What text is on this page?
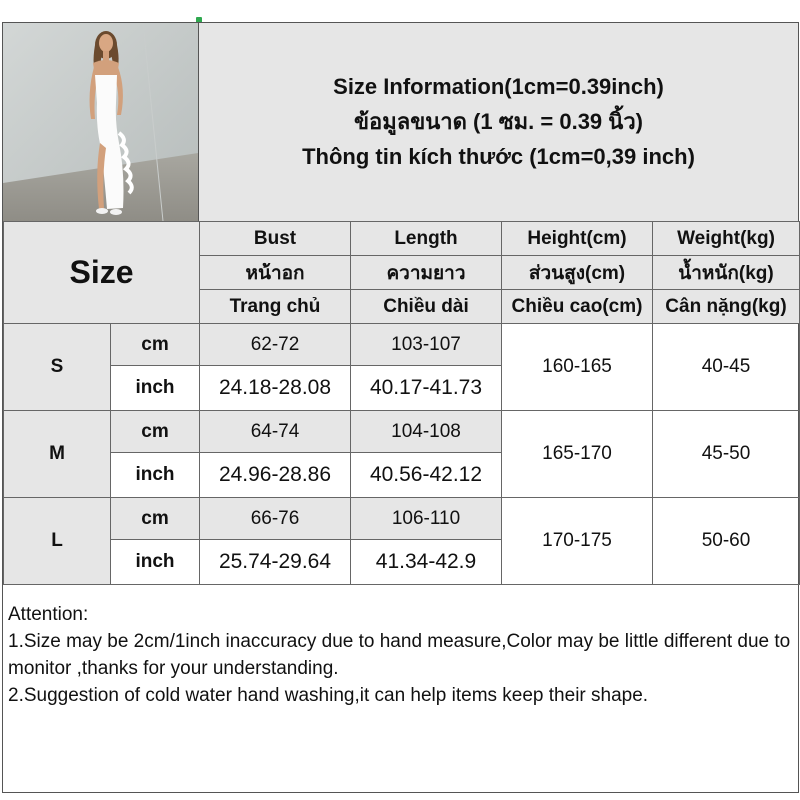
Size Information(1cm=0.39inch)
ข้อมูลขนาด (1 ซม. = 0.39 นิ้ว)
Thông tin kích thước (1cm=0,39 inch)
Size		Bust	Length	Height(cm)	Weight(kg)
		หน้าอก	ความยาว	ส่วนสูง(cm)	น้ำหนัก(kg)
		Trang chủ	Chiều dài	Chiều cao(cm)	Cân nặng(kg)
S	cm	62-72	103-107	160-165	40-45
	inch	24.18-28.08	40.17-41.73		
M	cm	64-74	104-108	165-170	45-50
	inch	24.96-28.86	40.56-42.12		
L	cm	66-76	106-110	170-175	50-60
	inch	25.74-29.64	41.34-42.9		
Attention:
1.Size may be 2cm/1inch inaccuracy due to hand measure,Color may be little different due to monitor ,thanks for your understanding.
2.Suggestion of cold water hand washing,it can help items keep their shape.
